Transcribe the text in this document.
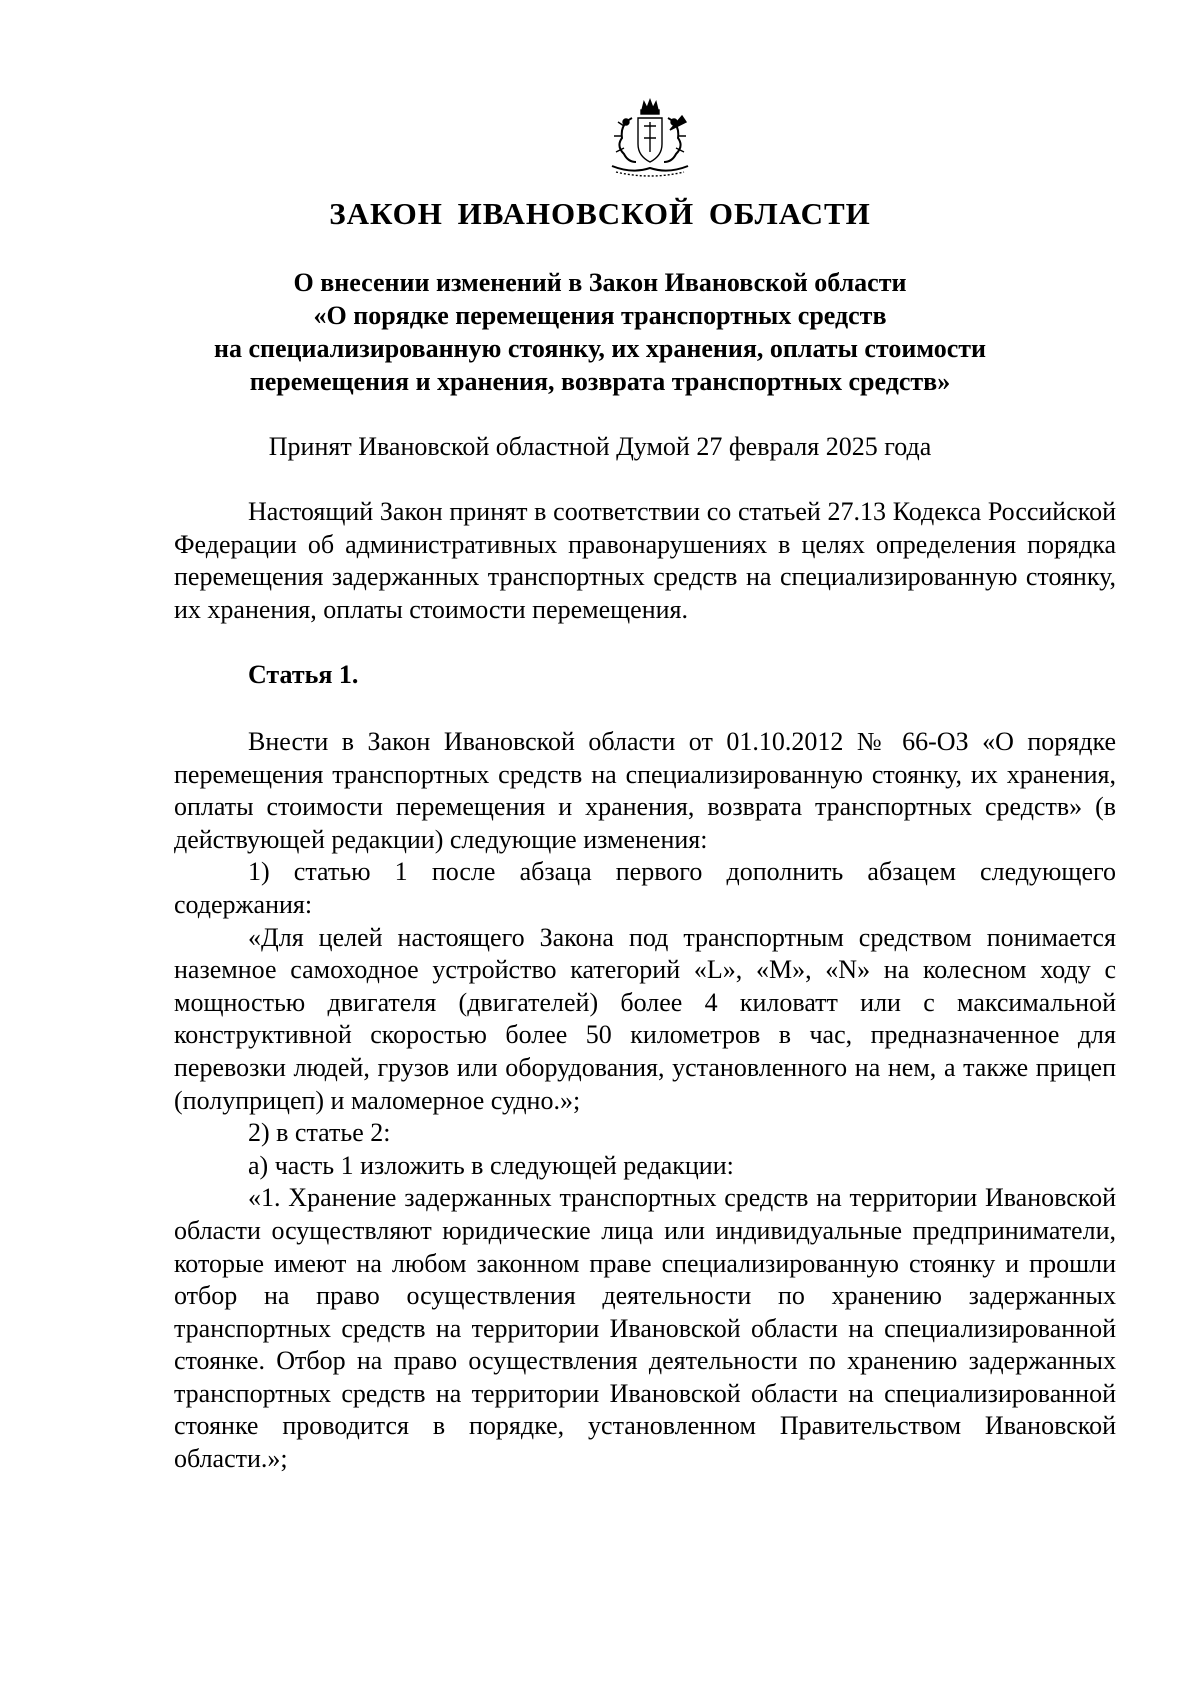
ЗАКОН ИВАНОВСКОЙ ОБЛАСТИ
О внесении изменений в Закон Ивановской области
«О порядке перемещения транспортных средств
на специализированную стоянку, их хранения, оплаты стоимости
перемещения и хранения, возврата транспортных средств»
Принят Ивановской областной Думой 27 февраля 2025 года

Настоящий Закон принят в соответствии со статьей 27.13 Кодекса Российской Федерации об административных правонарушениях в целях определения порядка перемещения задержанных транспортных средств на специализированную стоянку, их хранения, оплаты стоимости перемещения.

Статья 1.

Внести в Закон Ивановской области от 01.10.2012 № 66-ОЗ «О порядке перемещения транспортных средств на специализированную стоянку, их хранения, оплаты стоимости перемещения и хранения, возврата транспортных средств» (в действующей редакции) следующие изменения:

1) статью 1 после абзаца первого дополнить абзацем следующего содержания:

«Для целей настоящего Закона под транспортным средством понимается наземное самоходное устройство категорий «L», «M», «N» на колесном ходу с мощностью двигателя (двигателей) более 4 киловатт или с максимальной конструктивной скоростью более 50 километров в час, предназначенное для перевозки людей, грузов или оборудования, установленного на нем, а также прицеп (полуприцеп) и маломерное судно.»;

2) в статье 2:

а) часть 1 изложить в следующей редакции:

«1. Хранение задержанных транспортных средств на территории Ивановской области осуществляют юридические лица или индивидуальные предприниматели, которые имеют на любом законном праве специализированную стоянку и прошли отбор на право осуществления деятельности по хранению задержанных транспортных средств на территории Ивановской области на специализированной стоянке. Отбор на право осуществления деятельности по хранению задержанных транспортных средств на территории Ивановской области на специализированной стоянке проводится в порядке, установленном Правительством Ивановской области.»;
